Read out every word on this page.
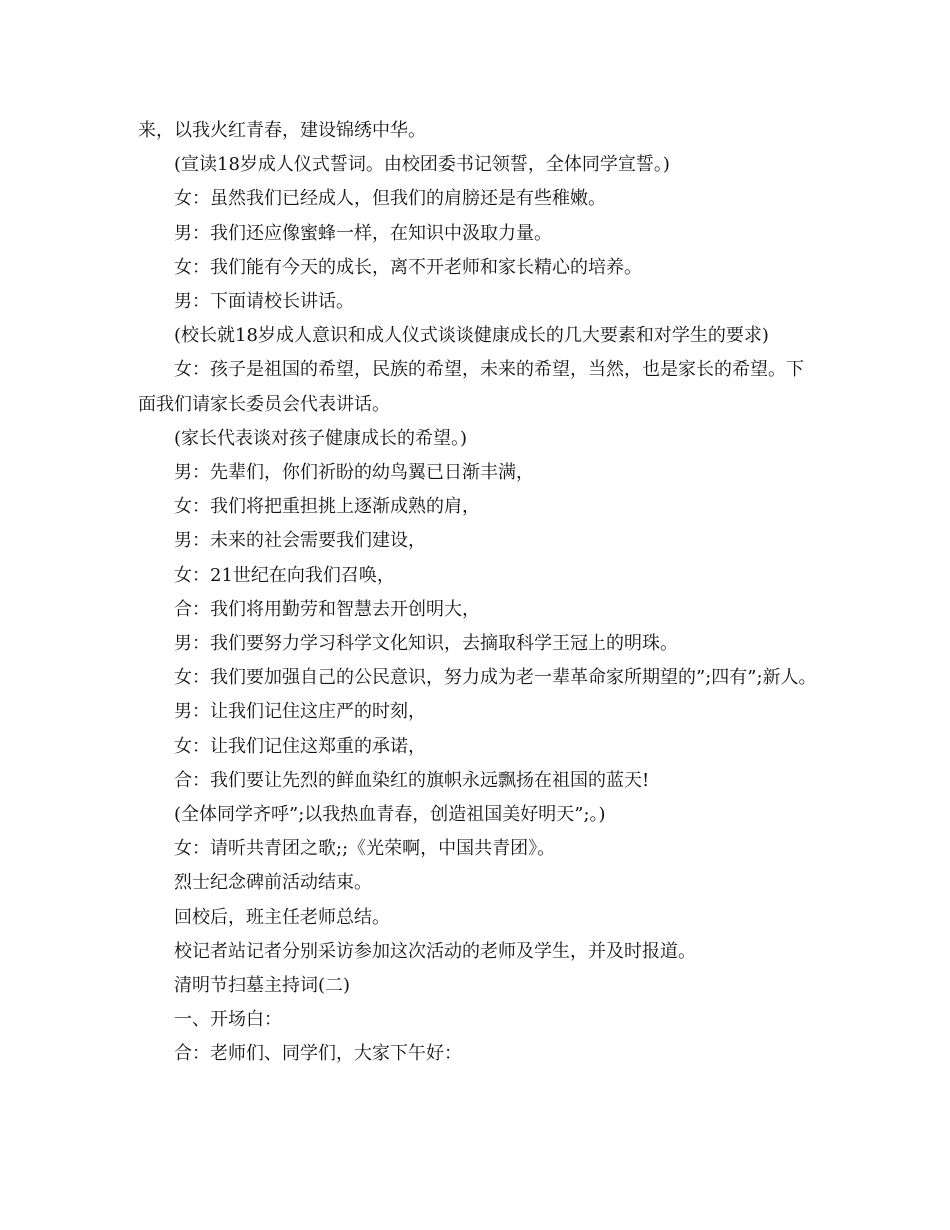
来，以我火红青春，建设锦绣中华。

(宣读18岁成人仪式誓词。由校团委书记领誓，全体同学宣誓。)

女：虽然我们已经成人，但我们的肩膀还是有些稚嫩。

男：我们还应像蜜蜂一样，在知识中汲取力量。

女：我们能有今天的成长，离不开老师和家长精心的培养。

男：下面请校长讲话。

(校长就18岁成人意识和成人仪式谈谈健康成长的几大要素和对学生的要求)

女：孩子是祖国的希望，民族的希望，未来的希望，当然，也是家长的希望。下面我们请家长委员会代表讲话。

(家长代表谈对孩子健康成长的希望。)

男：先辈们，你们祈盼的幼鸟翼已日渐丰满，

女：我们将把重担挑上逐渐成熟的肩，

男：未来的社会需要我们建设，

女：21世纪在向我们召唤，

合：我们将用勤劳和智慧去开创明大，

男：我们要努力学习科学文化知识，去摘取科学王冠上的明珠。

女：我们要加强自己的公民意识，努力成为老一辈革命家所期望的”;四有”;新人。

男：让我们记住这庄严的时刻，

女：让我们记住这郑重的承诺，

合：我们要让先烈的鲜血染红的旗帜永远飘扬在祖国的蓝天!

(全体同学齐呼”;以我热血青春，创造祖国美好明天”;。)

女：请听共青团之歌;;《光荣啊，中国共青团》。

烈士纪念碑前活动结束。

回校后，班主任老师总结。

校记者站记者分别采访参加这次活动的老师及学生，并及时报道。

清明节扫墓主持词(二)

一、开场白：

合：老师们、同学们，大家下午好：
